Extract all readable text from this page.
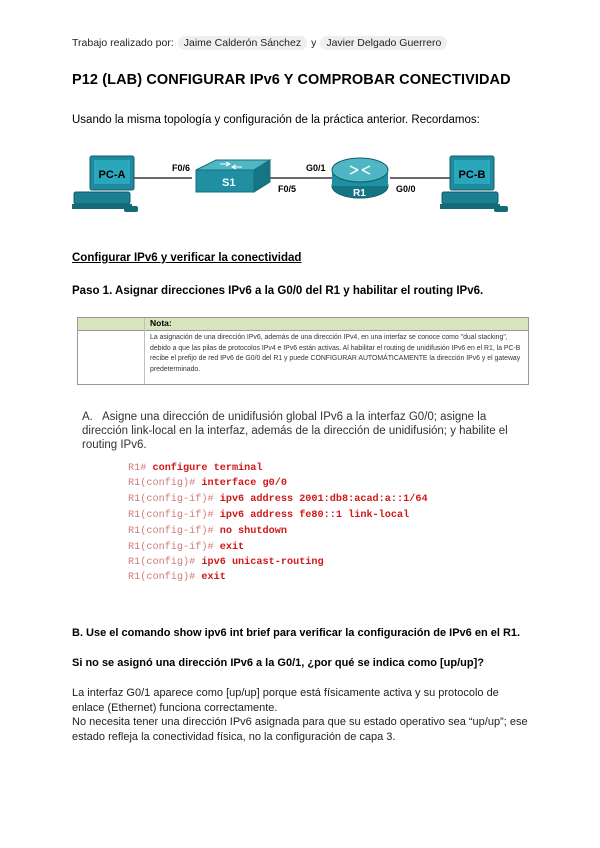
Trabajo realizado por: Jaime Calderón Sánchez y Javier Delgado Guerrero
P12 (LAB) CONFIGURAR IPv6 Y COMPROBAR CONECTIVIDAD
Usando la misma topología y configuración de la práctica anterior. Recordamos:
PC-A
S1
R1
PC-B
F0/6
F0/5
G0/1
G0/0
Configurar IPv6 y verificar la conectividad
Paso 1. Asignar direcciones IPv6 a la G0/0 del R1 y habilitar el routing IPv6.
Nota:
La asignación de una dirección IPv6, además de una dirección IPv4, en una interfaz se conoce como "dual stacking", debido a que las pilas de protocolos IPv4 e IPv6 están activas. Al habilitar el routing de unidifusión IPv6 en el R1, la PC-B recibe el prefijo de red IPv6 de G0/0 del R1 y puede CONFIGURAR AUTOMÁTICAMENTE la dirección IPv6 y el gateway predeterminado.
A. Asigne una dirección de unidifusión global IPv6 a la interfaz G0/0; asigne la dirección link-local en la interfaz, además de la dirección de unidifusión; y habilite el routing IPv6.
R1# configure terminal
R1(config)# interface g0/0
R1(config-if)# ipv6 address 2001:db8:acad:a::1/64
R1(config-if)# ipv6 address fe80::1 link-local
R1(config-if)# no shutdown
R1(config-if)# exit
R1(config)# ipv6 unicast-routing
R1(config)# exit
B. Use el comando show ipv6 int brief para verificar la configuración de IPv6 en el R1.
Si no se asignó una dirección IPv6 a la G0/1, ¿por qué se indica como [up/up]?
La interfaz G0/1 aparece como [up/up] porque está físicamente activa y su protocolo de enlace (Ethernet) funciona correctamente.
No necesita tener una dirección IPv6 asignada para que su estado operativo sea “up/up”; ese estado refleja la conectividad física, no la configuración de capa 3.
